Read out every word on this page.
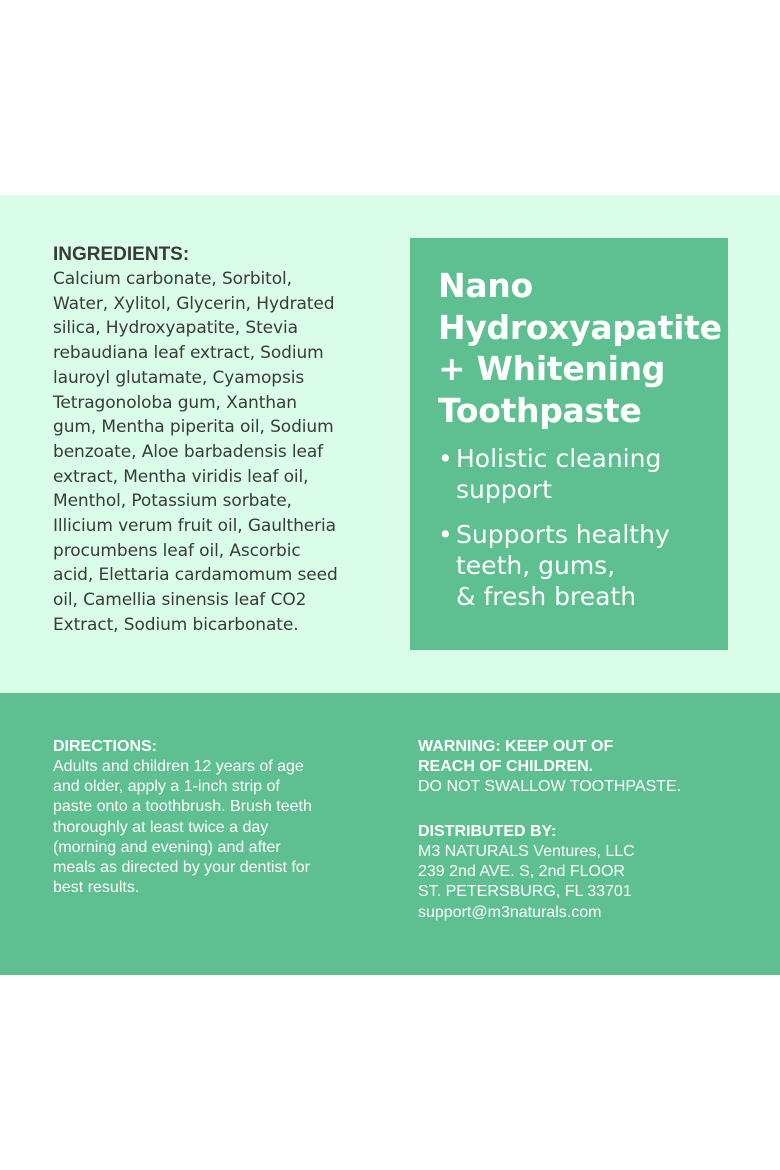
INGREDIENTS:

Calcium carbonate, Sorbitol,
Water, Xylitol, Glycerin, Hydrated
silica, Hydroxyapatite, Stevia
rebaudiana leaf extract, Sodium
lauroyl glutamate, Cyamopsis
Tetragonoloba gum, Xanthan
gum, Mentha piperita oil, Sodium
benzoate, Aloe barbadensis leaf
extract, Mentha viridis leaf oil,
Menthol, Potassium sorbate,
Illicium verum fruit oil, Gaultheria
procumbens leaf oil, Ascorbic
acid, Elettaria cardamomum seed
oil, Camellia sinensis leaf CO2
Extract, Sodium bicarbonate.

Nano
Hydroxyapatite
+ Whitening
Toothpaste
• Holistic cleaning
support
• Supports healthy
teeth, gums,
& fresh breath

DIRECTIONS:

Adults and children 12 years of age
and older, apply a 1-inch strip of
paste onto a toothbrush. Brush teeth
thoroughly at least twice a day
(morning and evening) and after
meals as directed by your dentist for
best results.

WARNING: KEEP OUT OF
REACH OF CHILDREN.

DO NOT SWALLOW TOOTHPASTE.

DISTRIBUTED BY:

M3 NATURALS Ventures, LLC
239 2nd AVE. S, 2nd FLOOR
ST. PETERSBURG, FL 33701
support@m3naturals.com
